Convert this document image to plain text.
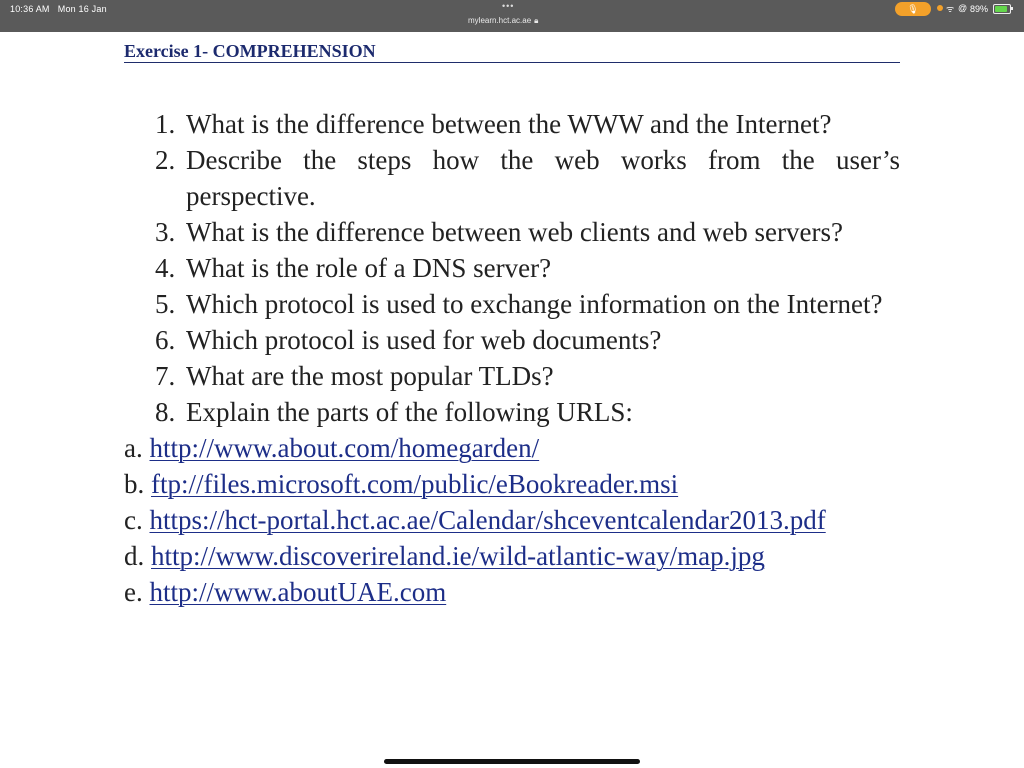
10:36 AM Mon 16 Jan	•••
mylearn.hct.ac.ae 🔒︎
🎙︎	ᯤ @ 89%
Exercise 1- COMPREHENSION
1. What is the difference between the WWW and the Internet?
2. Describe the steps how the web works from the user’s perspective.
3. What is the difference between web clients and web servers?
4. What is the role of a DNS server?
5. Which protocol is used to exchange information on the Internet?
6. Which protocol is used for web documents?
7. What are the most popular TLDs?
8. Explain the parts of the following URLS:
a. http://www.about.com/homegarden/
b. ftp://files.microsoft.com/public/eBookreader.msi
c. https://hct-portal.hct.ac.ae/Calendar/shceventcalendar2013.pdf
d. http://www.discoverireland.ie/wild-atlantic-way/map.jpg
e. http://www.aboutUAE.com
